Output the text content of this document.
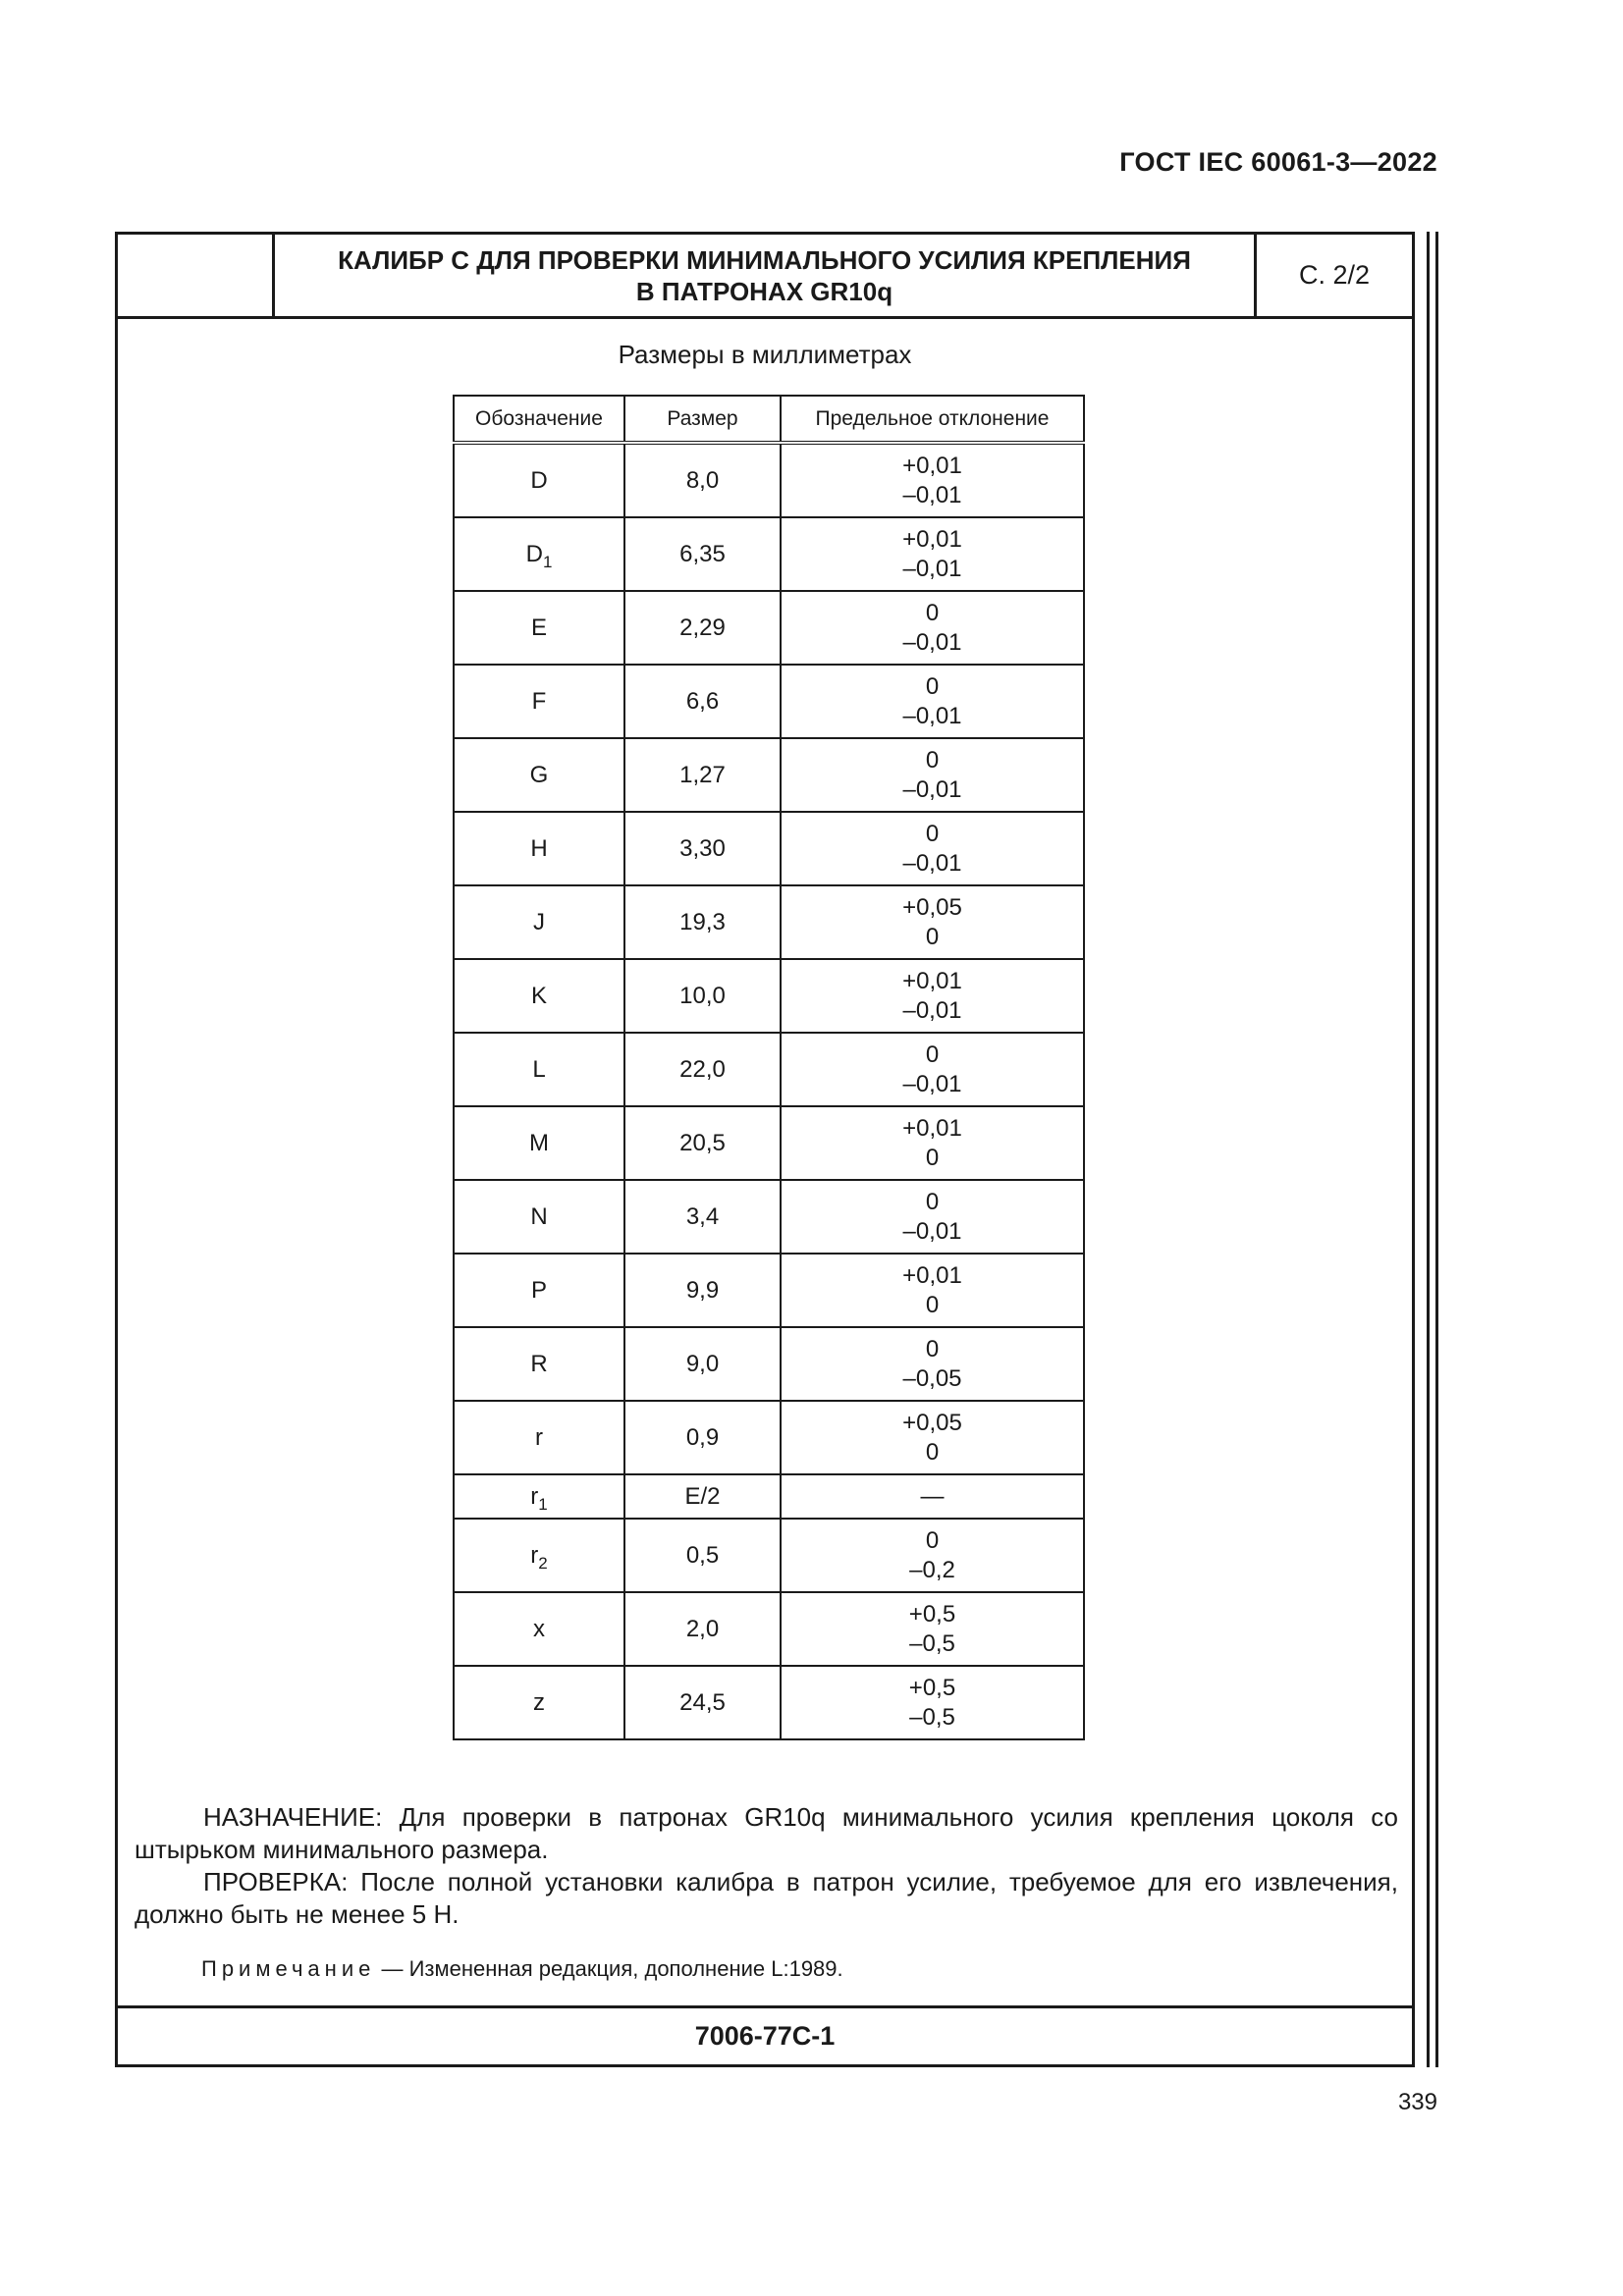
ГОСТ IEC 60061-3—2022
КАЛИБР С ДЛЯ ПРОВЕРКИ МИНИМАЛЬНОГО УСИЛИЯ КРЕПЛЕНИЯ
В ПАТРОНАХ GR10q
С. 2/2
Размеры в миллиметрах
Обозначение	Размер	Предельное отклонение
D	8,0	+0,01
–0,01

$D_1$	6,35	+0,01
–0,01

E	2,29	0
–0,01

F	6,6	0
–0,01

G	1,27	0
–0,01

H	3,30	0
–0,01

J	19,3	+0,05
0

K	10,0	+0,01
–0,01

L	22,0	0
–0,01

M	20,5	+0,01
0

N	3,4	0
–0,01

P	9,9	+0,01
0

R	9,0	0
–0,05

r	0,9	+0,05
0

$r_1$	E/2	—

$r_2$	0,5	0
–0,2

x	2,0	+0,5
–0,5

z	24,5	+0,5
–0,5
НАЗНАЧЕНИЕ: Для проверки в патронах GR10q минимального усилия крепления цоколя со штырьком минимального размера.
ПРОВЕРКА: После полной установки калибра в патрон усилие, требуемое для его извлечения, должно быть не менее 5 Н.
Примечание — Измененная редакция, дополнение L:1989.
7006-77С-1
339
